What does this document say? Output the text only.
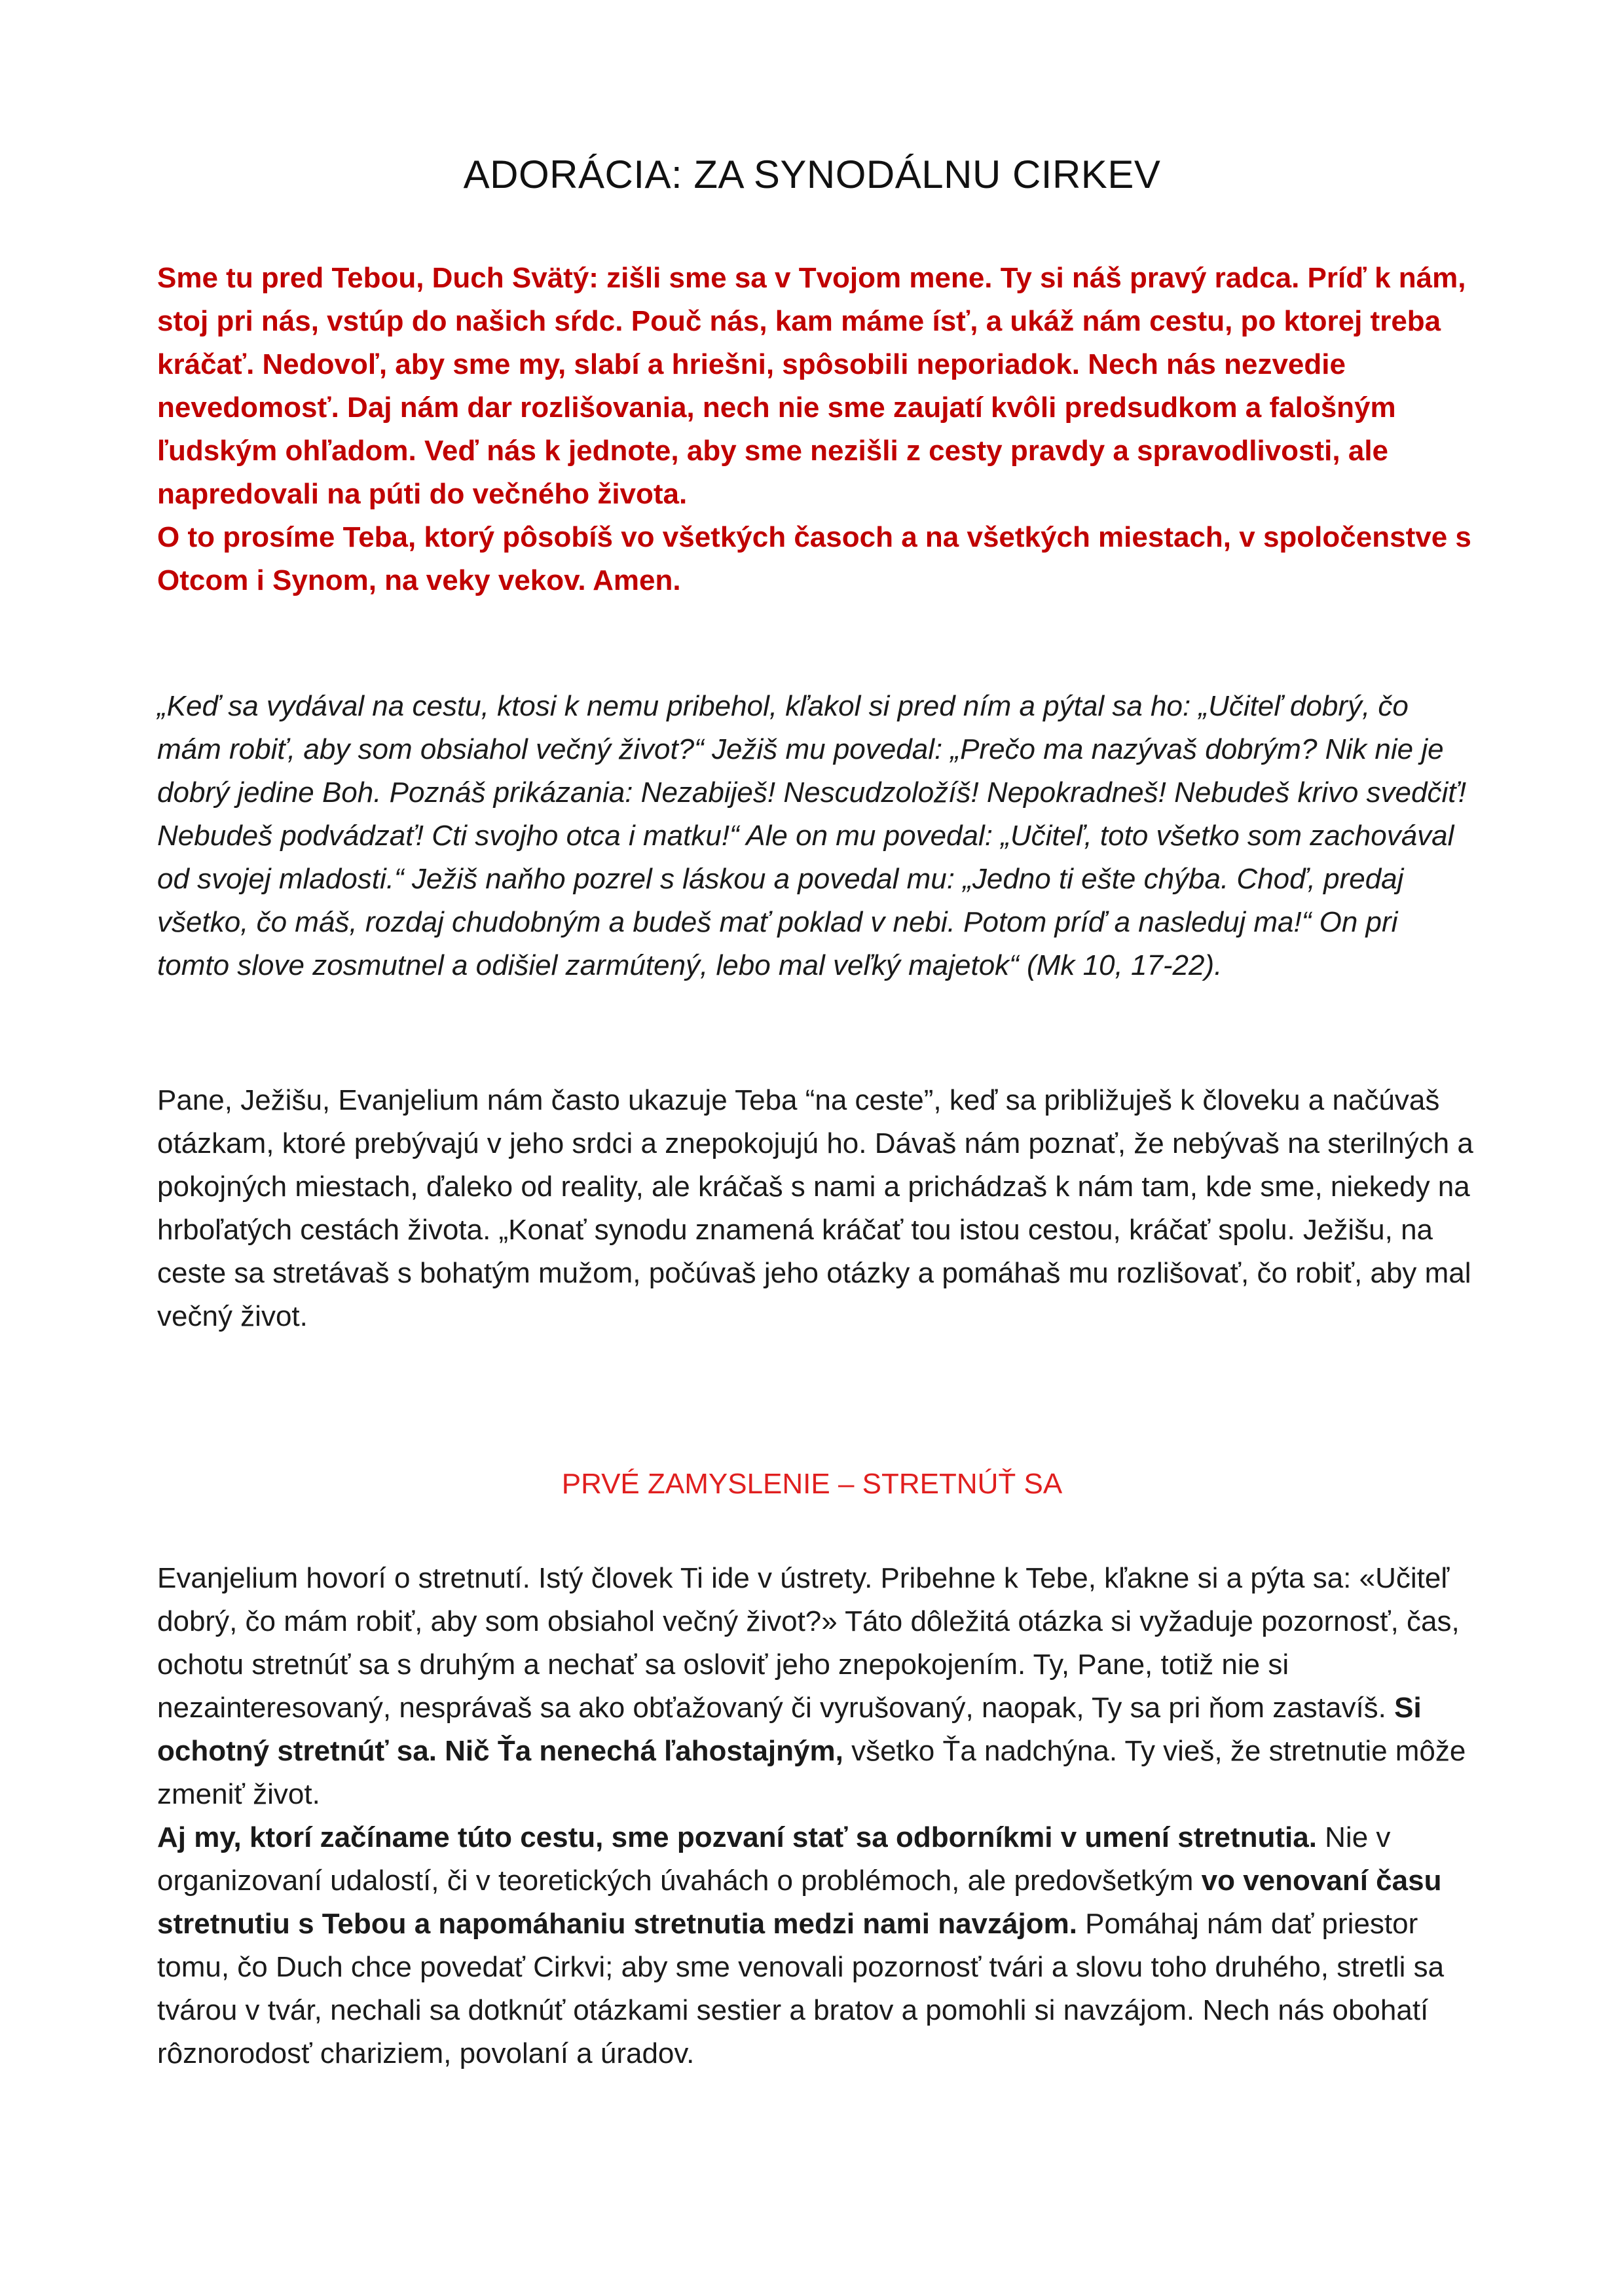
ADORÁCIA: ZA SYNODÁLNU CIRKEV

Sme tu pred Tebou, Duch Svätý: zišli sme sa v Tvojom mene. Ty si náš pravý radca. Príď k nám, stoj pri nás, vstúp do našich sŕdc. Pouč nás, kam máme ísť, a ukáž nám cestu, po ktorej treba kráčať. Nedovoľ, aby sme my, slabí a hriešni, spôsobili neporiadok. Nech nás nezvedie nevedomosť. Daj nám dar rozlišovania, nech nie sme zaujatí kvôli predsudkom a falošným ľudským ohľadom. Veď nás k jednote, aby sme nezišli z cesty pravdy a spravodlivosti, ale napredovali na púti do večného života.

O to prosíme Teba, ktorý pôsobíš vo všetkých časoch a na všetkých miestach, v spoločenstve s Otcom i Synom, na veky vekov. Amen.

„Keď sa vydával na cestu, ktosi k nemu pribehol, kľakol si pred ním a pýtal sa ho: „Učiteľ dobrý, čo mám robiť, aby som obsiahol večný život?“ Ježiš mu povedal: „Prečo ma nazývaš dobrým? Nik nie je dobrý jedine Boh. Poznáš prikázania: Nezabiješ! Nescudzoložíš! Nepokradneš! Nebudeš krivo svedčiť! Nebudeš podvádzať! Cti svojho otca i matku!“ Ale on mu povedal: „Učiteľ, toto všetko som zachovával od svojej mladosti.“ Ježiš naňho pozrel s láskou a povedal mu: „Jedno ti ešte chýba. Choď, predaj všetko, čo máš, rozdaj chudobným a budeš mať poklad v nebi. Potom príď a nasleduj ma!“ On pri tomto slove zosmutnel a odišiel zarmútený, lebo mal veľký majetok“ (Mk 10, 17-22).

Pane, Ježišu, Evanjelium nám často ukazuje Teba “na ceste”, keď sa približuješ k človeku a načúvaš otázkam, ktoré prebývajú v jeho srdci a znepokojujú ho. Dávaš nám poznať, že nebývaš na sterilných a pokojných miestach, ďaleko od reality, ale kráčaš s nami a prichádzaš k nám tam, kde sme, niekedy na hrboľatých cestách života. „Konať synodu znamená kráčať tou istou cestou, kráčať spolu. Ježišu, na ceste sa stretávaš s bohatým mužom, počúvaš jeho otázky a pomáhaš mu rozlišovať, čo robiť, aby mal večný život.

PRVÉ ZAMYSLENIE – STRETNÚŤ SA

Evanjelium hovorí o stretnutí. Istý človek Ti ide v ústrety. Pribehne k Tebe, kľakne si a pýta sa: «Učiteľ dobrý, čo mám robiť, aby som obsiahol večný život?» Táto dôležitá otázka si vyžaduje pozornosť, čas, ochotu stretnúť sa s druhým a nechať sa osloviť jeho znepokojením. Ty, Pane, totiž nie si nezainteresovaný, nesprávaš sa ako obťažovaný či vyrušovaný, naopak, Ty sa pri ňom zastavíš. Si ochotný stretnúť sa. Nič Ťa nenechá ľahostajným, všetko Ťa nadchýna. Ty vieš, že stretnutie môže zmeniť život.
Aj my, ktorí začíname túto cestu, sme pozvaní stať sa odborníkmi v umení stretnutia. Nie v organizovaní udalostí, či v teoretických úvahách o problémoch, ale predovšetkým vo venovaní času stretnutiu s Tebou a napomáhaniu stretnutia medzi nami navzájom. Pomáhaj nám dať priestor tomu, čo Duch chce povedať Cirkvi; aby sme venovali pozornosť tvári a slovu toho druhého, stretli sa tvárou v tvár, nechali sa dotknúť otázkami sestier a bratov a pomohli si navzájom. Nech nás obohatí rôznorodosť chariziem, povolaní a úradov.
